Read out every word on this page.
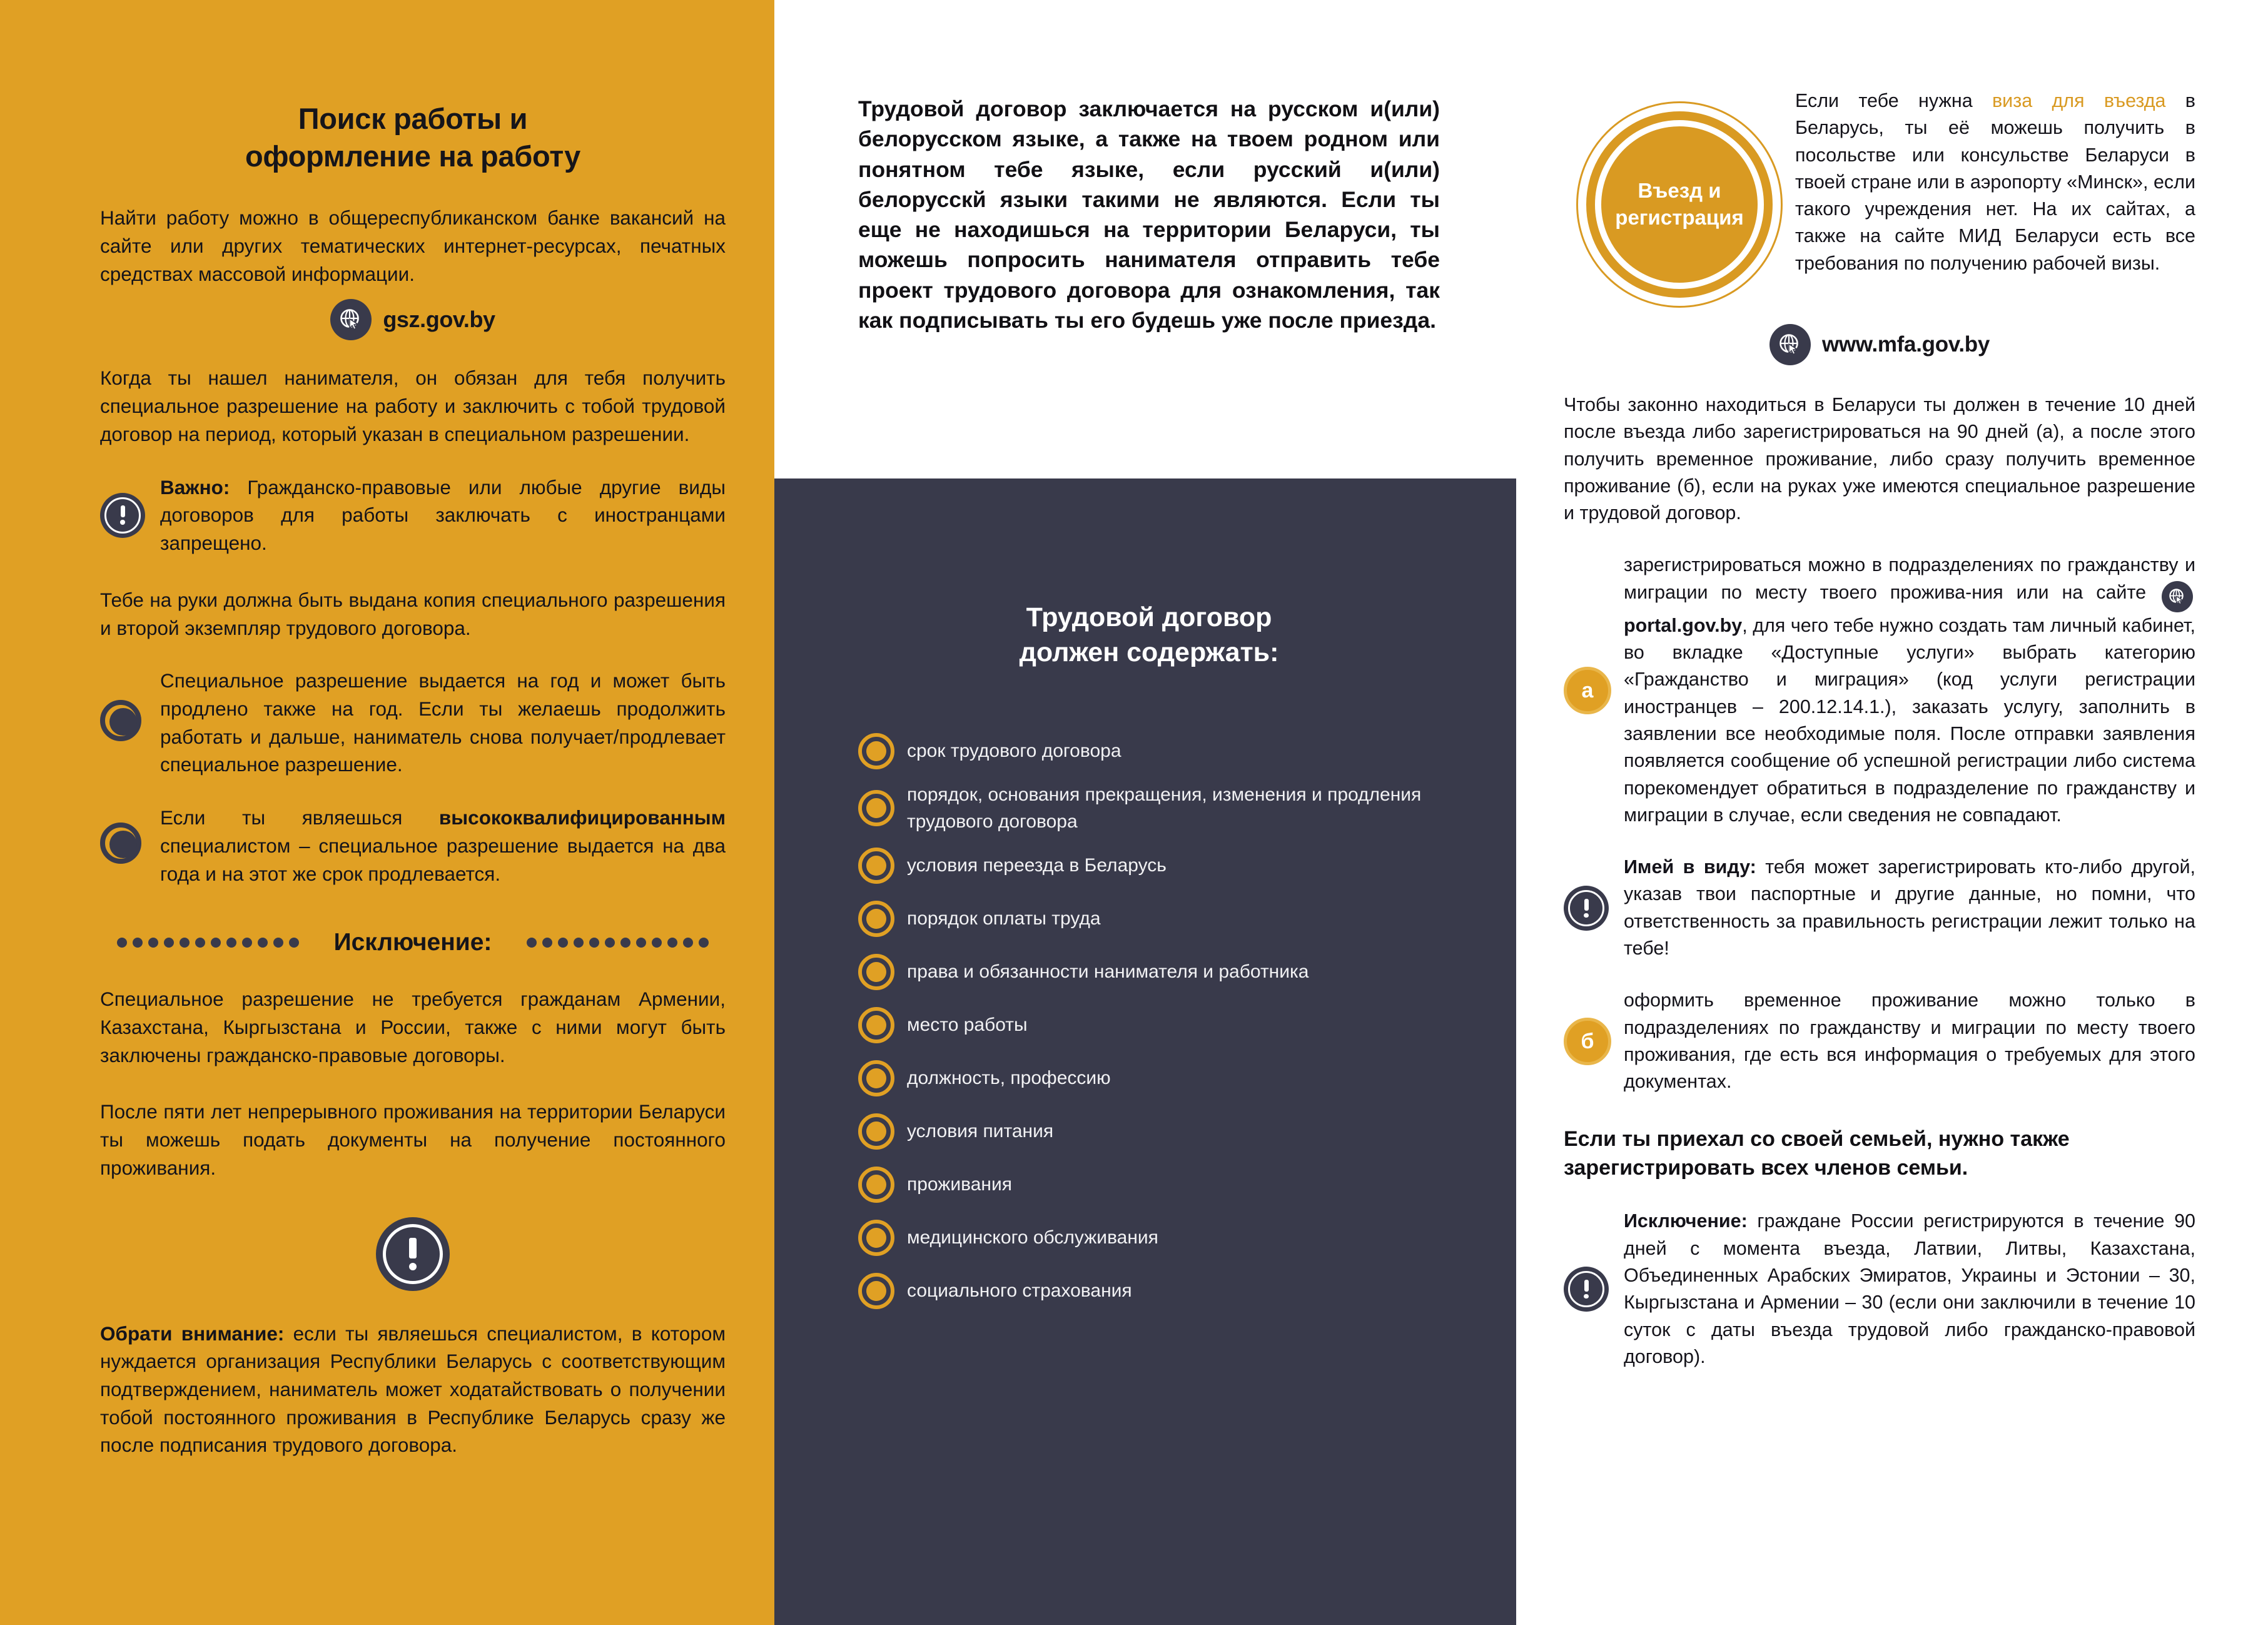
Поиск работы и
оформление на работу

Найти работу можно в общереспубликанском банке вакансий на сайте или других тематических интернет-ресурсах, печатных средствах массовой информации.

gsz.gov.by

Когда ты нашел нанимателя, он обязан для тебя получить специальное разрешение на работу и заключить с тобой трудовой договор на период, который указан в специальном разрешении.

Важно: Гражданско-правовые или любые другие виды договоров для работы заключать с иностранцами запрещено.

Тебе на руки должна быть выдана копия специального разрешения и второй экземпляр трудового договора.

Специальное разрешение выдается на год и может быть продлено также на год. Если ты желаешь продолжить работать и дальше, наниматель снова получает/продлевает специальное разрешение.
Если ты являешься высококвалифицированным специалистом – специальное разрешение выдается на два года и на этот же срок продлевается.
Исключение:

Специальное разрешение не требуется гражданам Армении, Казахстана, Кыргызстана и России, также с ними могут быть заключены гражданско-правовые договоры.

После пяти лет непрерывного проживания на территории Беларуси ты можешь подать документы на получение постоянного проживания.

Обрати внимание: если ты являешься специалистом, в котором нуждается организация Республики Беларусь с соответствующим подтверждением, наниматель может ходатайствовать о получении тобой постоянного проживания в Республике Беларусь сразу же после подписания трудового договора.

Трудовой договор заключается на русском и(или) белорусском языке, а также на твоем родном или понятном тебе языке, если русский и(или) белорусскй языки такими не являются. Если ты еще не находишься на территории Беларуси, ты можешь попросить нанимателя отправить тебе проект трудового договора для ознакомления, так как подписывать ты его будешь уже после приезда.

Трудовой договор
должен содержать:
срок трудового договора
порядок, основания прекращения, изменения и продления трудового договора
условия переезда в Беларусь
порядок оплаты труда
права и обязанности нанимателя и работника
место работы
должность, профессию
условия питания
проживания
медицинского обслуживания
социального страхования
Въезд и
регистрация
Если тебе нужна виза для въезда в Беларусь, ты её можешь получить в посольстве или консульстве Беларуси в твоей стране или в аэропорту «Минск», если такого учреждения нет. На их сайтах, а также на сайте МИД Беларуси есть все требования по получению рабочей визы.
www.mfa.gov.by

Чтобы законно находиться в Беларуси ты должен в течение 10 дней после въезда либо зарегистрироваться на 90 дней (а), а после этого получить временное проживание, либо сразу получить временное проживание (б), если на руках уже имеются специальное разрешение и трудовой договор.

а
зарегистрироваться можно в подразделениях по гражданству и миграции по месту твоего прожива-ния или на сайте
portal.gov.by, для чего тебе нужно создать там личный кабинет, во вкладке «Доступные услуги» выбрать категорию «Гражданство и миграция» (код услуги регистрации иностранцев – 200.12.14.1.), заказать услугу, заполнить в заявлении все необходимые поля. После отправки заявления появляется сообщение об успешной регистрации либо система порекомендует обратиться в подразделение по гражданству и миграции в случае, если сведения не совпадают.
Имей в виду: тебя может зарегистрировать кто-либо другой, указав твои паспортные и другие данные, но помни, что ответственность за правильность регистрации лежит только на тебе!
б
оформить временное проживание можно только в подразделениях по гражданству и миграции по месту твоего проживания, где есть вся информация о требуемых для этого документах.

Если ты приехал со своей семьей, нужно также зарегистрировать всех членов семьи.

Исключение: граждане России регистрируются в течение 90 дней с момента въезда, Латвии, Литвы, Казахстана, Объединенных Арабских Эмиратов, Украины и Эстонии – 30, Кыргызстана и Армении – 30 (если они заключили в течение 10 суток с даты въезда трудовой либо гражданско-правовой договор).
